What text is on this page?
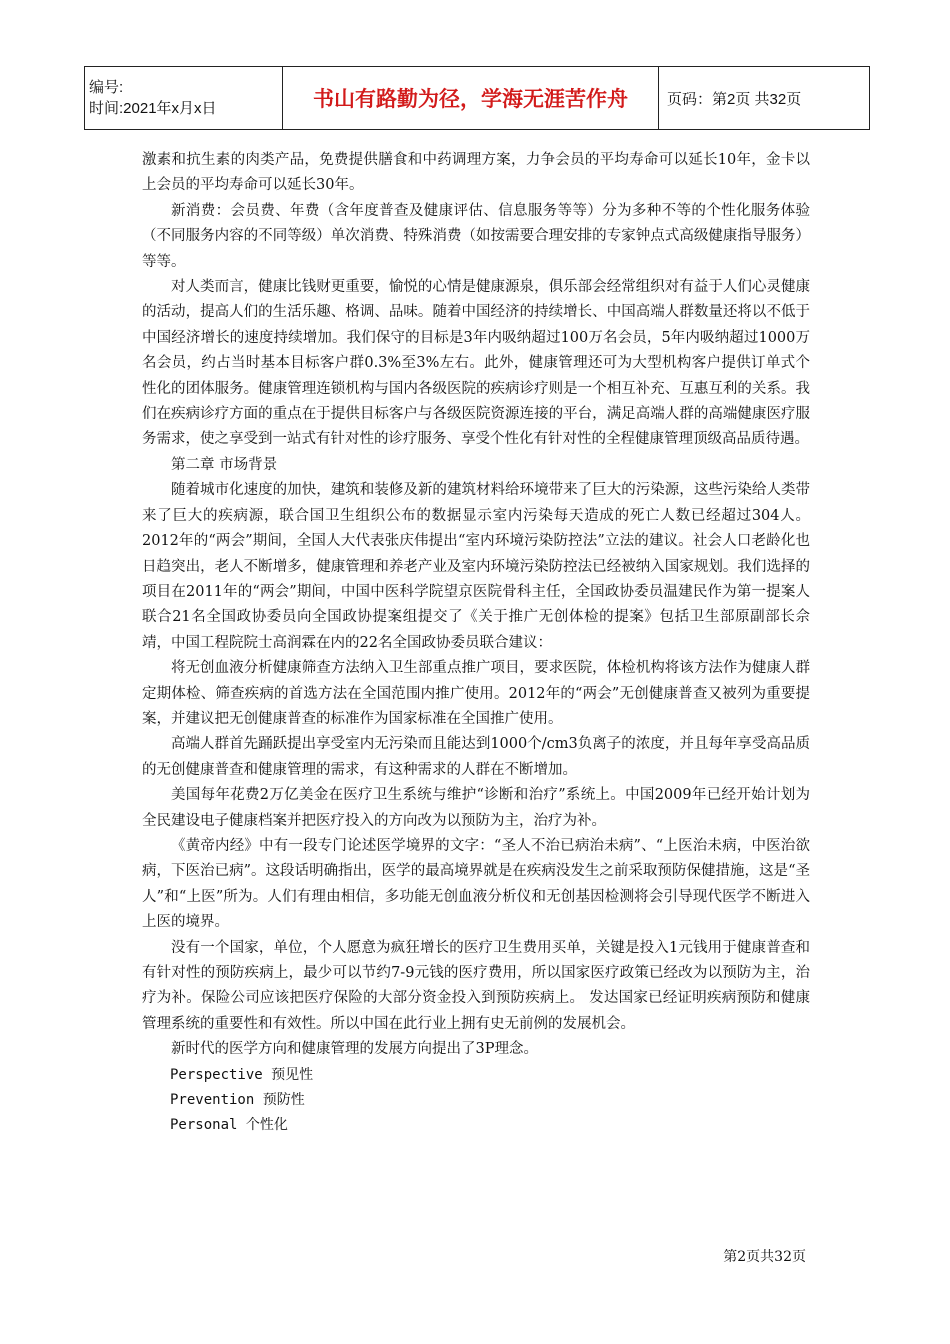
编号:
时间:2021年x月x日	书山有路勤为径，学海无涯苦作舟	页码：第2页 共32页

激素和抗生素的肉类产品，免费提供膳食和中药调理方案，力争会员的平均寿命可以延长10年，金卡以上会员的平均寿命可以延长30年。

新消费：会员费、年费（含年度普查及健康评估、信息服务等等）分为多种不等的个性化服务体验（不同服务内容的不同等级）单次消费、特殊消费（如按需要合理安排的专家钟点式高级健康指导服务）等等。

对人类而言，健康比钱财更重要，愉悦的心情是健康源泉，俱乐部会经常组织对有益于人们心灵健康的活动，提高人们的生活乐趣、格调、品味。随着中国经济的持续增长、中国高端人群数量还将以不低于中国经济增长的速度持续增加。我们保守的目标是3年内吸纳超过100万名会员，5年内吸纳超过1000万名会员，约占当时基本目标客户群0.3%至3%左右。此外，健康管理还可为大型机构客户提供订单式个性化的团体服务。健康管理连锁机构与国内各级医院的疾病诊疗则是一个相互补充、互惠互利的关系。我们在疾病诊疗方面的重点在于提供目标客户与各级医院资源连接的平台，满足高端人群的高端健康医疗服务需求，使之享受到一站式有针对性的诊疗服务、享受个性化有针对性的全程健康管理顶级高品质待遇。

第二章 市场背景

随着城市化速度的加快，建筑和装修及新的建筑材料给环境带来了巨大的污染源，这些污染给人类带来了巨大的疾病源，联合国卫生组织公布的数据显示室内污染每天造成的死亡人数已经超过304人。2012年的“两会”期间，全国人大代表张庆伟提出“室内环境污染防控法”立法的建议。社会人口老龄化也日趋突出，老人不断增多，健康管理和养老产业及室内环境污染防控法已经被纳入国家规划。我们选择的项目在2011年的“两会”期间，中国中医科学院望京医院骨科主任，全国政协委员温建民作为第一提案人联合21名全国政协委员向全国政协提案组提交了《关于推广无创体检的提案》包括卫生部原副部长佘靖，中国工程院院士高润霖在内的22名全国政协委员联合建议：

将无创血液分析健康筛查方法纳入卫生部重点推广项目，要求医院，体检机构将该方法作为健康人群定期体检、筛查疾病的首选方法在全国范围内推广使用。2012年的“两会”无创健康普查又被列为重要提案，并建议把无创健康普查的标准作为国家标准在全国推广使用。

高端人群首先踊跃提出享受室内无污染而且能达到1000个/cm3负离子的浓度，并且每年享受高品质的无创健康普查和健康管理的需求，有这种需求的人群在不断增加。

美国每年花费2万亿美金在医疗卫生系统与维护“诊断和治疗”系统上。中国2009年已经开始计划为全民建设电子健康档案并把医疗投入的方向改为以预防为主，治疗为补。

《黄帝内经》中有一段专门论述医学境界的文字：“圣人不治已病治未病”、“上医治未病，中医治欲病，下医治已病”。这段话明确指出，医学的最高境界就是在疾病没发生之前采取预防保健措施，这是“圣人”和“上医”所为。人们有理由相信，多功能无创血液分析仪和无创基因检测将会引导现代医学不断进入上医的境界。

没有一个国家，单位，个人愿意为疯狂增长的医疗卫生费用买单，关键是投入1元钱用于健康普查和有针对性的预防疾病上，最少可以节约7-9元钱的医疗费用，所以国家医疗政策已经改为以预防为主，治疗为补。保险公司应该把医疗保险的大部分资金投入到预防疾病上。 发达国家已经证明疾病预防和健康管理系统的重要性和有效性。所以中国在此行业上拥有史无前例的发展机会。

新时代的医学方向和健康管理的发展方向提出了3P理念。

Perspective 预见性

Prevention 预防性

Personal 个性化

第2页共32页
